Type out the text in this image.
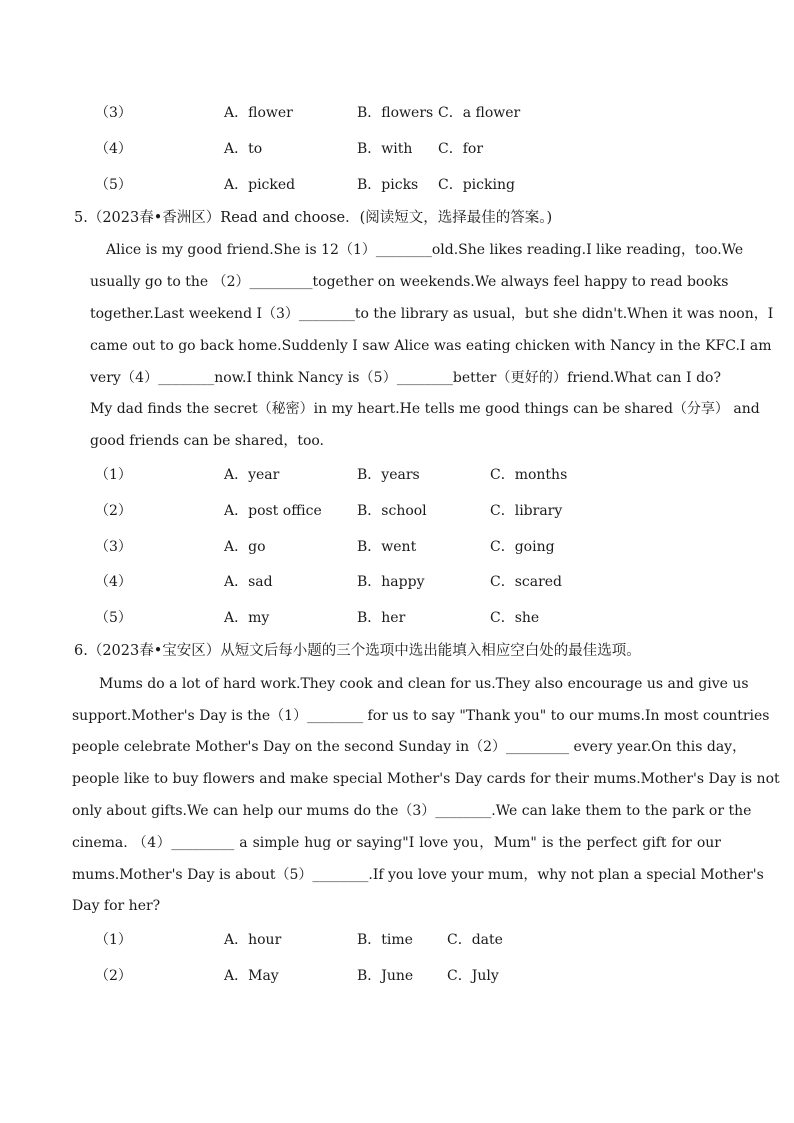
（3）	A．flower	B．flowers C．a flower
（4）	A．to	B．with C．for
（5）	A．picked	B．picks C．picking
5.（2023春•香洲区）Read and choose．(阅读短文，选择最佳的答案。)
Alice is my good friend.She is 12（1）________old.She likes reading.I like reading，too.We
usually go to the （2）_________together on weekends.We always feel happy to read books
together.Last weekend I（3）________to the library as usual，but she didn't.When it was noon，I
came out to go back home.Suddenly I saw Alice was eating chicken with Nancy in the KFC.I am
very（4）________now.I think Nancy is（5）________better（更好的）friend.What can I do?
My dad finds the secret（秘密）in my heart.He tells me good things can be shared（分享） and
good friends can be shared，too.
（1）	A．year	B．years	C．months
（2）	A．post office	B．school	C．library
（3）	A．go	B．went	C．going
（4）	A．sad	B．happy	C．scared
（5）	A．my	B．her	C．she
6.（2023春•宝安区）从短文后每小题的三个选项中选出能填入相应空白处的最佳选项。
Mums do a lot of hard work.They cook and clean for us.They also encourage us and give us
support.Mother's Day is the（1）________ for us to say "Thank you" to our mums.In most countries
people celebrate Mother's Day on the second Sunday in（2）_________ every year.On this day，
people like to buy flowers and make special Mother's Day cards for their mums.Mother's Day is not
only about gifts.We can help our mums do the（3）________.We can lake them to the park or the
cinema. （4）_________ a simple hug or saying"I love you，Mum" is the perfect gift for our
mums.Mother's Day is about（5）________.If you love your mum，why not plan a special Mother's
Day for her?
（1）	A．hour	B．time C．date
（2）	A．May	B．June C．July
